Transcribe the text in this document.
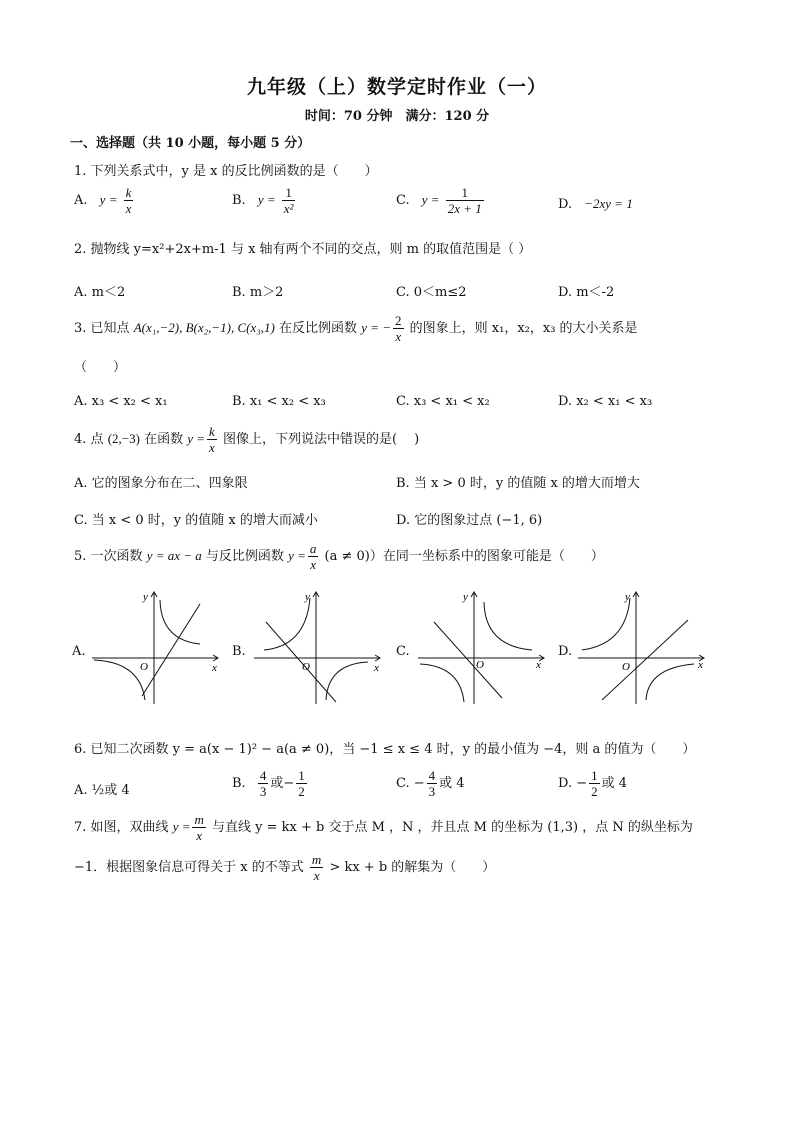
九年级（上）数学定时作业（一）
时间：70 分钟　满分：120 分
一、选择题（共 10 小题，每小题 5 分）
1. 下列关系式中，y 是 x 的反比例函数的是（　　）
A. $y = \frac{k}{x}$	B. $y = \frac{1}{\text{x²}}$	C. $y = \frac{1}{2x + 1}$	D. −2xy = 1
2. 抛物线 y=x²+2x+m-1 与 x 轴有两个不同的交点，则 m 的取值范围是（ ）
A. m＜2	B. m＞2	C. 0＜m≤2	D. m＜-2
3. 已知点 A(x₁,−2), B(x₂,−1), C(x₃,1) 在反比例函数 y = − $\frac{2}{x}$ 的图象上，则 x₁，x₂，x₃ 的大小关系是
（　　）
A. x₃ < x₂ < x₁	B. x₁ < x₂ < x₃	C. x₃ < x₁ < x₂	D. x₂ < x₁ < x₃
4. 点 (2,−3) 在函数 $y = \frac{k}{x}$ 图像上，下列说法中错误的是(　 )
A. 它的图象分布在二、四象限	B. 当 x > 0 时，y 的值随 x 的增大而增大
C. 当 x < 0 时，y 的值随 x 的增大而减小	D. 它的图象过点 (−1, 6)
5. 一次函数 y = ax − a 与反比例函数 $y = \frac{a}{x} (a \ne 0)$）在同一坐标系中的图象可能是（　　）
A.	B.	C.	D.
y
x
O
y
x
O
y
x
O
y
x
O
6. 已知二次函数 y = a(x − 1)² − a(a ≠ 0)，当 −1 ≤ x ≤ 4 时，y 的最小值为 −4，则 a 的值为（　　）
A. ½或 4	B. $\frac{4}{3}$ 或− $\frac{1}{2}$	C. − $\frac{4}{3}$ 或 4	D. − $\frac{1}{2}$ 或 4
7. 如图，双曲线 $y = \frac{m}{x}$ 与直线 y = kx + b 交于点 M ，N ，并且点 M 的坐标为 (1,3) ，点 N 的纵坐标为
−1．根据图象信息可得关于 x 的不等式 $\frac{m}{x}$ > kx + b 的解集为（　　）
